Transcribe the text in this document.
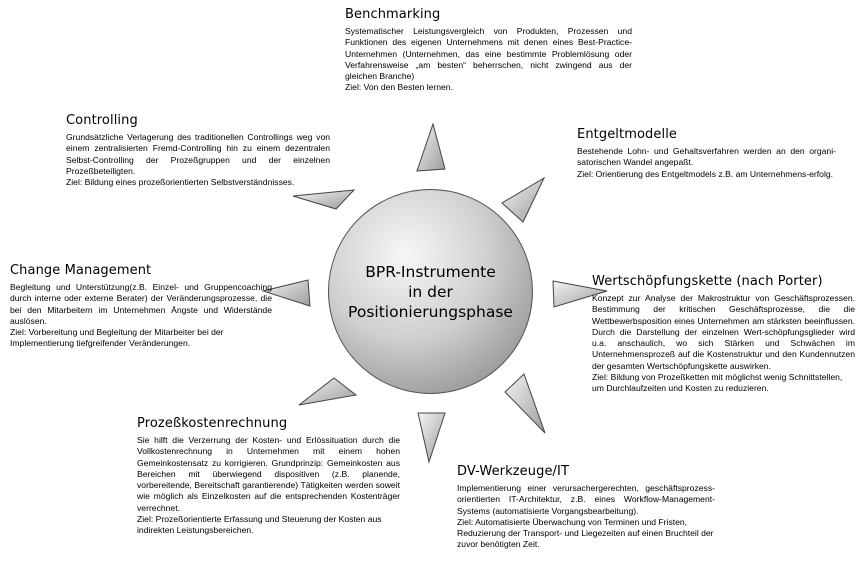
BPR-Instrumente
in der
Positionierungsphase
Benchmarking

Systematischer Leistungsvergleich von Produkten, Prozessen und Funktionen des eigenen Unternehmens mit denen eines Best-Practice-Unternehmen (Unternehmen, das eine bestimmte Problemlösung oder Verfahrensweise „am besten“ beherrschen, nicht zwingend aus der gleichen Branche)

Ziel: Von den Besten lernen.

Controlling

Grundsätzliche Verlagerung des traditionellen Controllings weg von einem zentralisierten Fremd-Controlling hin zu einem dezentralen Selbst-Controlling der Prozeßgruppen und der einzelnen Prozeßbeteiligten.

Ziel: Bildung eines prozeßorientierten Selbstverständnisses.

Entgeltmodelle

Bestehende Lohn- und Gehaltsverfahren werden an den organi-satorischen Wandel angepaßt.

Ziel: Orientierung des Entgeltmodels z.B. am Unternehmens-erfolg.

Change Management

Begleitung und Unterstützung(z.B. Einzel- und Gruppencoaching durch interne oder externe Berater) der Veränderungsprozesse, die bei den Mitarbeitern im Unternehmen Ängste und Widerstände auslösen.

Ziel: Vorbereitung und Begleitung der Mitarbeiter bei der Implementierung tiefgreifender Veränderungen.

Wertschöpfungskette (nach Porter)

Konzept zur Analyse der Makrostruktur von Geschäftsprozessen. Bestimmung der kritischen Geschäftsprozesse, die die Wettbewerbsposition eines Unternehmen am stärksten beeinflussen. Durch die Darstellung der einzelnen Wert-schöpfungsglieder wird u.a. anschaulich, wo sich Stärken und Schwächen im Unternehmensprozeß auf die Kostenstruktur und den Kundennutzen der gesamten Wertschöpfungskette auswirken.

Ziel: Bildung von Prozeßketten mit möglichst wenig Schnittstellen, um Durchlaufzeiten und Kosten zu reduzieren.

Prozeßkostenrechnung

Sie hilft die Verzerrung der Kosten- und Erlössituation durch die Vollkostenrechnung in Unternehmen mit einem hohen Gemeinkostensatz zu korrigieren. Grundprinzip: Gemeinkosten aus Bereichen mit überwiegend dispositiven (z.B. planende, vorbereitende, Bereitschaft garantierende) Tätigkeiten werden soweit wie möglich als Einzelkosten auf die entsprechenden Kostenträger verrechnet.

Ziel: Prozeßorientierte Erfassung und Steuerung der Kosten aus indirekten Leistungsbereichen.

DV-Werkzeuge/IT

Implementierung einer verursachergerechten, geschäftsprozess-orientierten IT-Architektur, z.B. eines Workflow-Management-Systems (automatisierte Vorgangsbearbeitung).

Ziel: Automatisierte Überwachung von Terminen und Fristen, Reduzierung der Transport- und Liegezeiten auf einen Bruchteil der zuvor benötigten Zeit.
